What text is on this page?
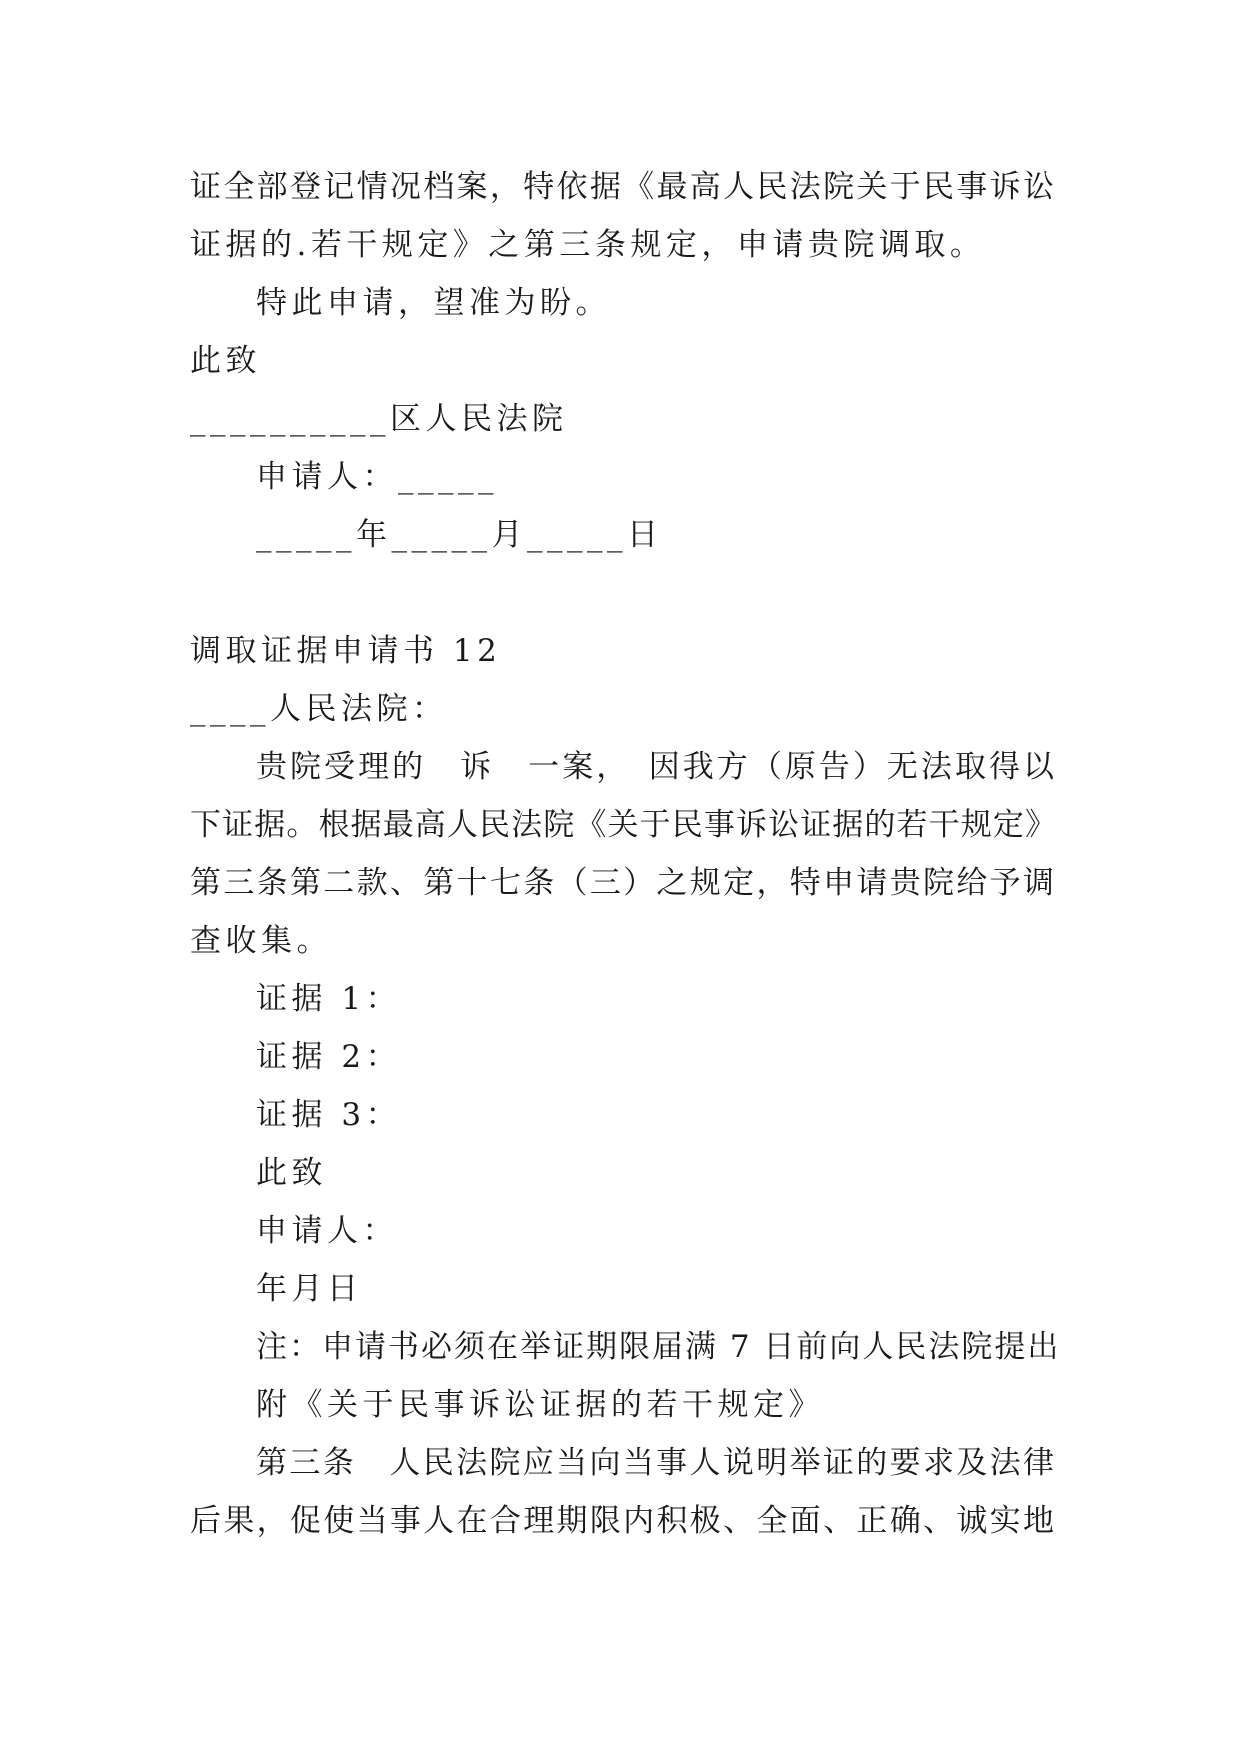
证全部登记情况档案，特依据《最高人民法院关于民事诉讼
证据的.若干规定》之第三条规定，申请贵院调取。
特此申请，望准为盼。
此致
__________区人民法院
申请人：_____
_____年_____月_____日
调取证据申请书 12
____人民法院：
贵院受理的　诉　一案，　因我方（原告）无法取得以
下证据。根据最高人民法院《关于民事诉讼证据的若干规定》
第三条第二款、第十七条（三）之规定，特申请贵院给予调
查收集。
证据 1：
证据 2：
证据 3：
此致
申请人：
年月日
注：申请书必须在举证期限届满 7 日前向人民法院提出
附《关于民事诉讼证据的若干规定》
第三条　人民法院应当向当事人说明举证的要求及法律
后果，促使当事人在合理期限内积极、全面、正确、诚实地
